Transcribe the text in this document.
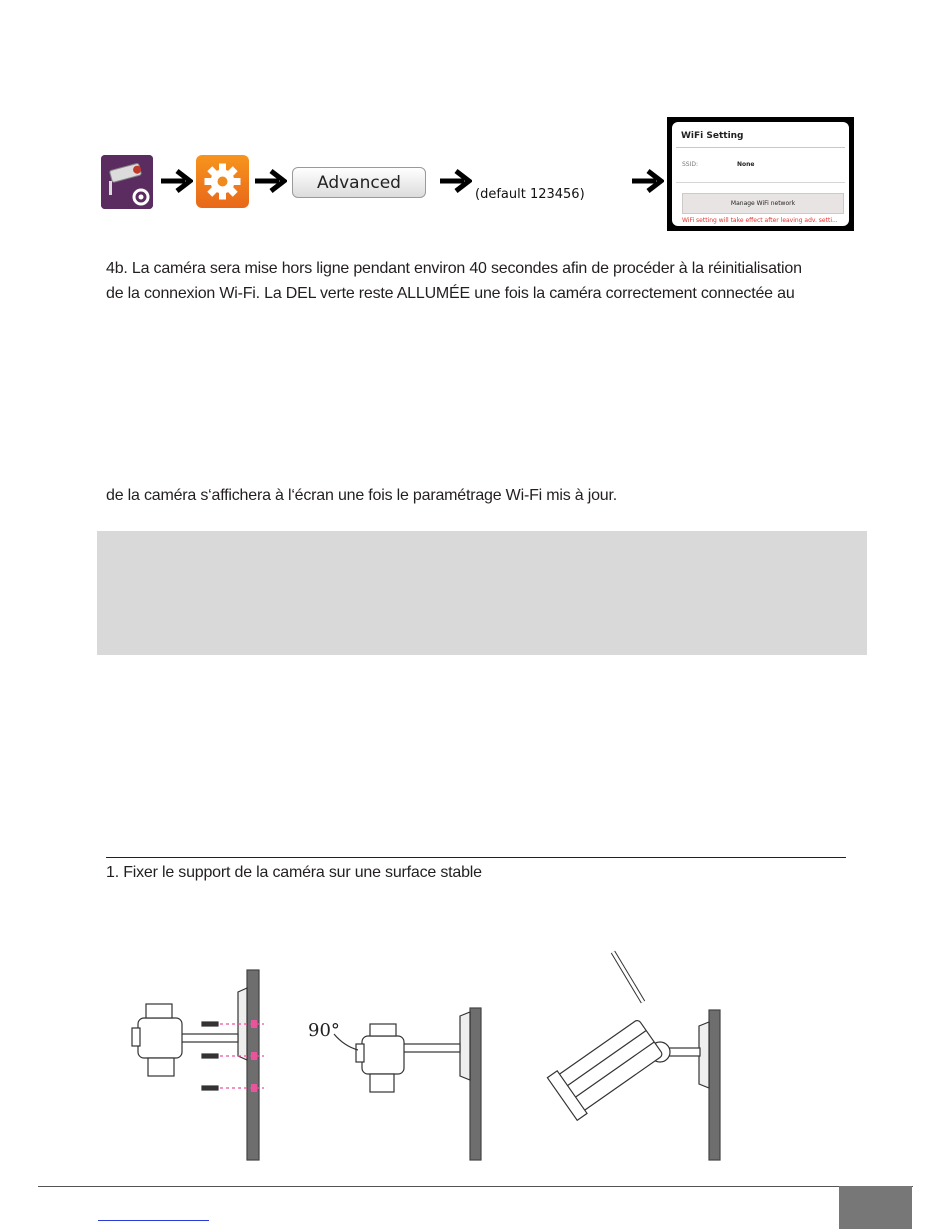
Advanced
(default 123456)
WiFi Setting
SSID:	None
Manage WiFi network
WiFi setting will take effect after leaving adv. setti...
4b. La caméra sera mise hors ligne pendant environ 40 secondes afin de procéder à la réinitialisation
de la connexion Wi-Fi. La DEL verte reste ALLUMÉE une fois la caméra correctement connectée au
de la caméra s‘affichera à l‘écran une fois le paramétrage Wi-Fi mis à jour.
1. Fixer le support de la caméra sur une surface stable
90°
